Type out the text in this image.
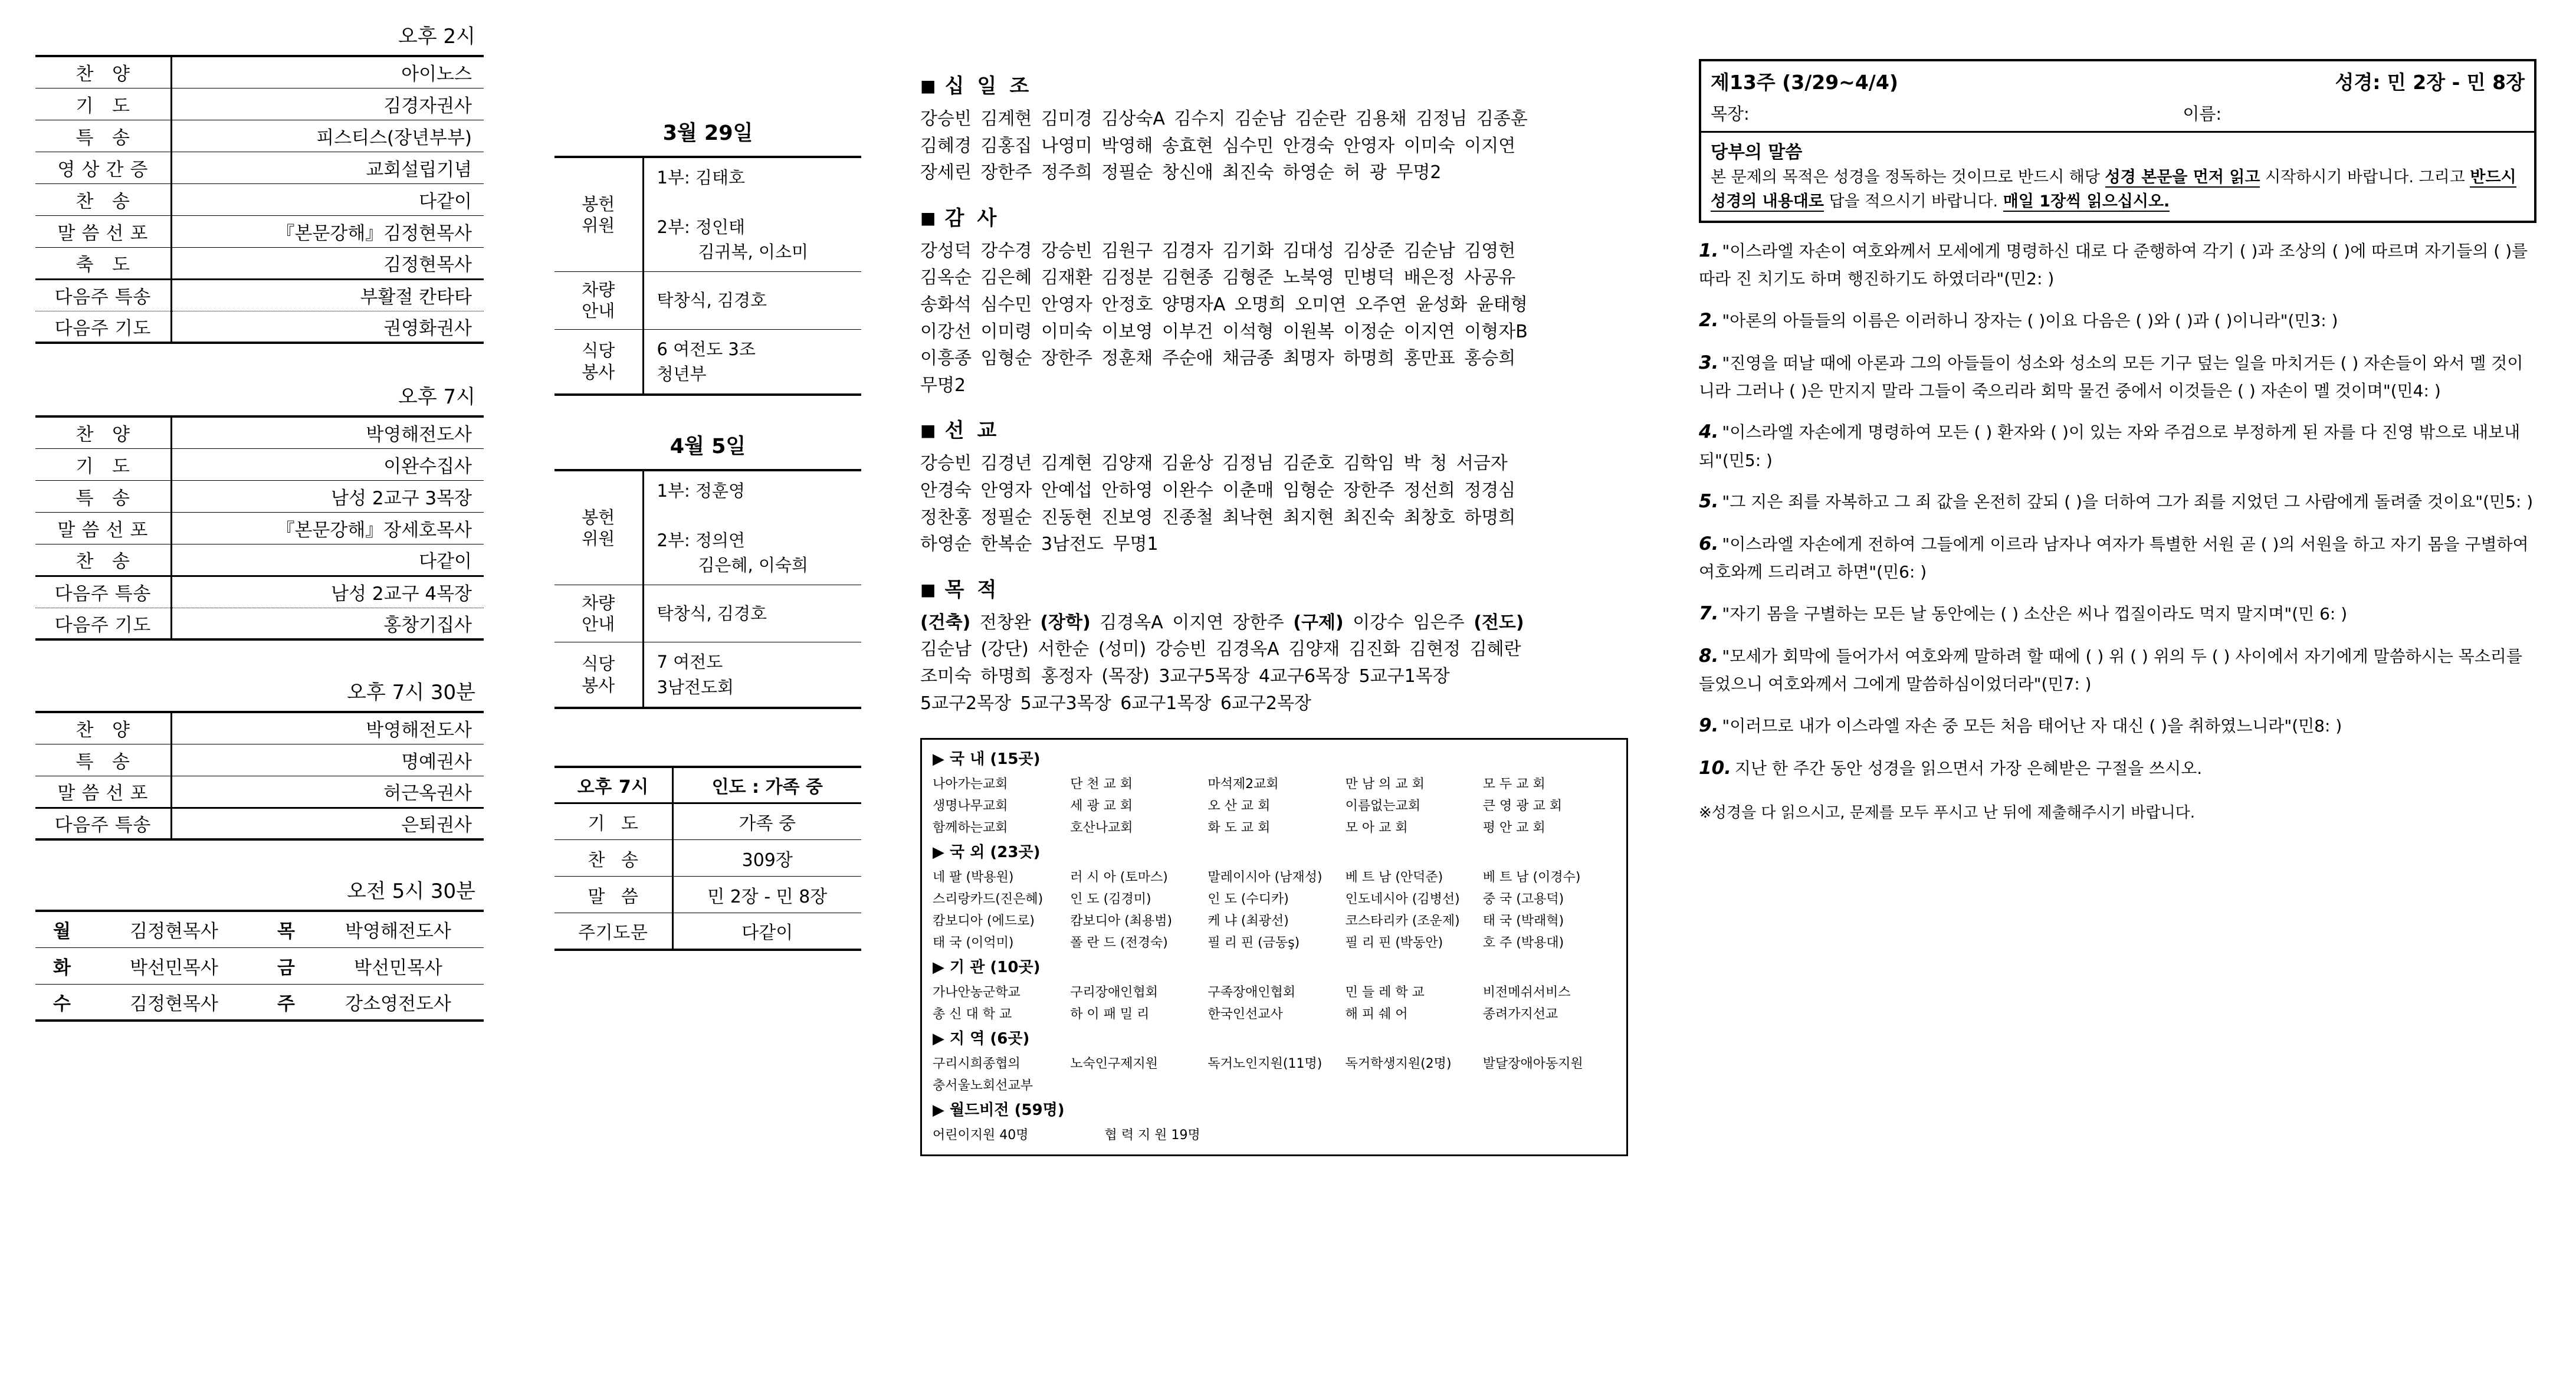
오후 2시
찬 양	아이노스
기 도	김경자권사
특 송	피스티스(장년부부)
영 상 간 증	교회설립기념
찬 송	다같이
말 씀 선 포	『본문강해』김정현목사
축 도	김정현목사
다음주 특송	부활절 칸타타
다음주 기도	권영화권사
오후 7시
찬 양	박영해전도사
기 도	이완수집사
특 송	남성 2교구 3목장
말 씀 선 포	『본문강해』장세호목사
찬 송	다같이
다음주 특송	남성 2교구 4목장
다음주 기도	홍창기집사
오후 7시 30분
찬 양	박영해전도사
특 송	명예권사
말 씀 선 포	허근옥권사
다음주 특송	은퇴권사
오전 5시 30분
월	김정현목사	목	박영해전도사
화	박선민목사	금	박선민목사
수	김정현목사	주	강소영전도사
3월 29일
봉헌
위원	1부: 김태호

2부: 정인태
김귀복, 이소미

차량
안내	탁창식, 김경호
식당
봉사	6 여전도 3조
청년부
4월 5일
봉헌
위원	1부: 정훈영

2부: 정의연
김은혜, 이숙희

차량
안내	탁창식, 김경호
식당
봉사	7 여전도
3남전도회
오후 7시	인도 : 가족 중
기 도	가족 중
찬 송	309장
말 씀	민 2장 - 민 8장
주기도문	다같이
■ 십 일 조
강승빈 김계현 김미경 김상숙A 김수지 김순남 김순란 김용채 김정님 김종훈
김혜경 김홍집 나영미 박영해 송효현 심수민 안경숙 안영자 이미숙 이지연
장세린 장한주 정주희 정필순 창신애 최진숙 하영순 허 광 무명2
■ 감 사
강성덕 강수경 강승빈 김원구 김경자 김기화 김대성 김상준 김순남 김영헌
김옥순 김은혜 김재환 김정분 김현종 김형준 노북영 민병덕 배은정 사공유
송화석 심수민 안영자 안정호 양명자A 오명희 오미연 오주연 윤성화 윤태형
이강선 이미령 이미숙 이보영 이부건 이석형 이원복 이정순 이지연 이형자B
이흥종 임형순 장한주 정훈채 주순애 채금종 최명자 하명희 홍만표 홍승희
무명2
■ 선 교
강승빈 김경년 김계현 김양재 김윤상 김정님 김준호 김학임 박 청 서금자
안경숙 안영자 안예섭 안하영 이완수 이춘매 임형순 장한주 정선희 정경심
정찬홍 정필순 진동현 진보영 진종철 최낙현 최지현 최진숙 최창호 하명희
하영순 한복순 3남전도 무명1
■ 목 적
(건축) 전창완 (장학) 김경옥A 이지연 장한주 (구제) 이강수 임은주 (전도)
김순남 (강단) 서한순 (성미) 강승빈 김경옥A 김양재 김진화 김현정 김혜란
조미숙 하명희 홍정자 (목장) 3교구5목장 4교구6목장 5교구1목장
5교구2목장 5교구3목장 6교구1목장 6교구2목장
▶ 국 내 (15곳)
나아가는교회	단 천 교 회	마석제2교회	만 남 의 교 회	모 두 교 회
생명나무교회	세 광 교 회	오 산 교 회	이름없는교회	큰 영 광 교 회
함께하는교회	호산나교회	화 도 교 회	모 아 교 회	평 안 교 회
▶ 국 외 (23곳)
네 팔 (박용원)	러 시 아 (토마스)	말레이시아 (남재성)	베 트 남 (안덕준)	베 트 남 (이경수)
스리랑카드(진은혜)	인 도 (김경미)	인 도 (수디카)	인도네시아 (김병선)	중 국 (고용덕)
캄보디아 (에드로)	캄보디아 (최용범)	케 냐 (최광선)	코스타리카 (조운제)	태 국 (박래혁)
태 국 (이억미)	폴 란 드 (전경숙)	필 리 핀 (금동ş)	필 리 핀 (박동안)	호 주 (박용대)
▶ 기 관 (10곳)
가나안농군학교	구리장애인협회	구족장애인협회	민 들 레 학 교	비전메쉬서비스
총 신 대 학 교	하 이 패 밀 리	한국인선교사	해 피 쉐 어	종려가지선교
▶ 지 역 (6곳)
구리시희종협의	노숙인구제지원	독거노인지원(11명)	독거학생지원(2명)	발달장애아동지원
충서울노회선교부
▶ 월드비전 (59명)
어린이지원 40명	협 력 지 원 19명
제13주 (3/29~4/4)	성경: 민 2장 - 민 8장
목장:	이름:
당부의 말씀
본 문제의 목적은 성경을 정독하는 것이므로 반드시 해당 성경 본문을 먼저 읽고 시작하시기 바랍니다. 그리고 반드시 성경의 내용대로 답을 적으시기 바랍니다. 매일 1장씩 읽으십시오.
1. "이스라엘 자손이 여호와께서 모세에게 명령하신 대로 다 준행하여 각기 ( )과 조상의 ( )에 따르며 자기들의 ( )를 따라 진 치기도 하며 행진하기도 하였더라"(민2: )
2. "아론의 아들들의 이름은 이러하니 장자는 ( )이요 다음은 ( )와 ( )과 ( )이니라"(민3: )
3. "진영을 떠날 때에 아론과 그의 아들들이 성소와 성소의 모든 기구 덮는 일을 마치거든 ( ) 자손들이 와서 멜 것이니라 그러나 ( )은 만지지 말라 그들이 죽으리라 회막 물건 중에서 이것들은 ( ) 자손이 멜 것이며"(민4: )
4. "이스라엘 자손에게 명령하여 모든 ( ) 환자와 ( )이 있는 자와 주검으로 부정하게 된 자를 다 진영 밖으로 내보내되"(민5: )
5. "그 지은 죄를 자복하고 그 죄 값을 온전히 갚되 ( )을 더하여 그가 죄를 지었던 그 사람에게 돌려줄 것이요"(민5: )
6. "이스라엘 자손에게 전하여 그들에게 이르라 남자나 여자가 특별한 서원 곧 ( )의 서원을 하고 자기 몸을 구별하여 여호와께 드리려고 하면"(민6: )
7. "자기 몸을 구별하는 모든 날 동안에는 ( ) 소산은 씨나 껍질이라도 먹지 말지며"(민 6: )
8. "모세가 회막에 들어가서 여호와께 말하려 할 때에 ( ) 위 ( ) 위의 두 ( ) 사이에서 자기에게 말씀하시는 목소리를 들었으니 여호와께서 그에게 말씀하심이었더라"(민7: )
9. "이러므로 내가 이스라엘 자손 중 모든 처음 태어난 자 대신 ( )을 취하였느니라"(민8: )
10. 지난 한 주간 동안 성경을 읽으면서 가장 은혜받은 구절을 쓰시오.
※성경을 다 읽으시고, 문제를 모두 푸시고 난 뒤에 제출해주시기 바랍니다.
